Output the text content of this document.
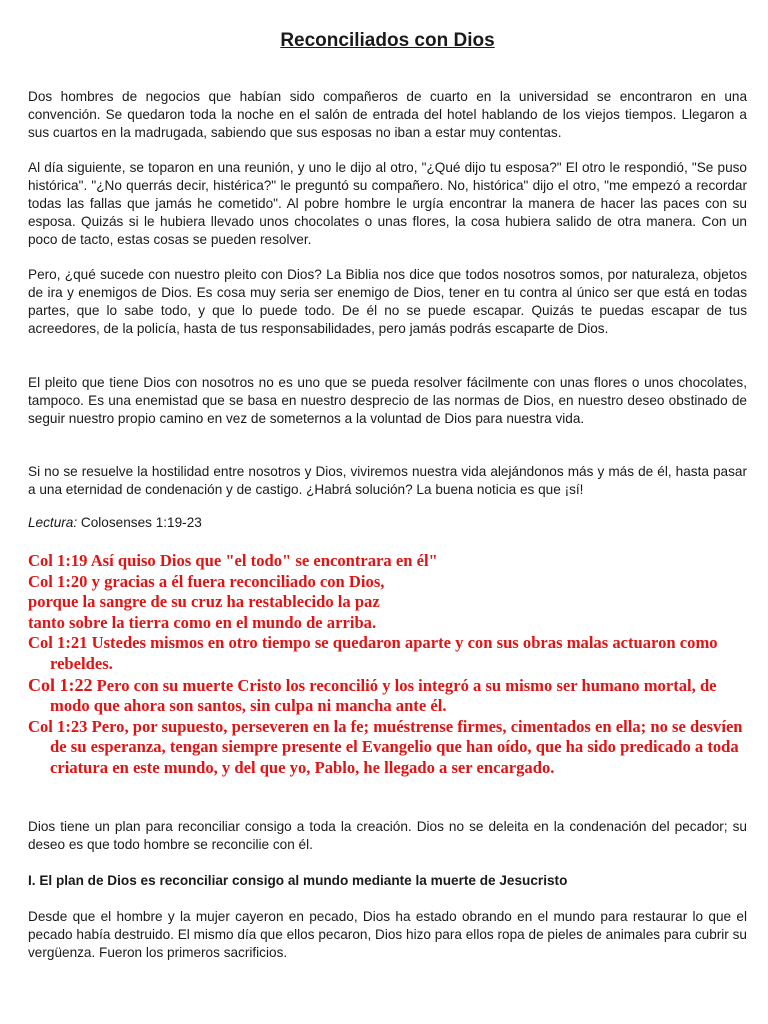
Reconciliados con Dios

Dos hombres de negocios que habían sido compañeros de cuarto en la universidad se encontraron en una convención. Se quedaron toda la noche en el salón de entrada del hotel hablando de los viejos tiempos. Llegaron a sus cuartos en la madrugada, sabiendo que sus esposas no iban a estar muy contentas.

Al día siguiente, se toparon en una reunión, y uno le dijo al otro, "¿Qué dijo tu esposa?" El otro le respondió, "Se puso histórica". "¿No querrás decir, histérica?" le preguntó su compañero. No, histórica" dijo el otro, "me empezó a recordar todas las fallas que jamás he cometido". Al pobre hombre le urgía encontrar la manera de hacer las paces con su esposa. Quizás si le hubiera llevado unos chocolates o unas flores, la cosa hubiera salido de otra manera. Con un poco de tacto, estas cosas se pueden resolver.

Pero, ¿qué sucede con nuestro pleito con Dios? La Biblia nos dice que todos nosotros somos, por naturaleza, objetos de ira y enemigos de Dios. Es cosa muy seria ser enemigo de Dios, tener en tu contra al único ser que está en todas partes, que lo sabe todo, y que lo puede todo. De él no se puede escapar. Quizás te puedas escapar de tus acreedores, de la policía, hasta de tus responsabilidades, pero jamás podrás escaparte de Dios.

El pleito que tiene Dios con nosotros no es uno que se pueda resolver fácilmente con unas flores o unos chocolates, tampoco. Es una enemistad que se basa en nuestro desprecio de las normas de Dios, en nuestro deseo obstinado de seguir nuestro propio camino en vez de someternos a la voluntad de Dios para nuestra vida.

Si no se resuelve la hostilidad entre nosotros y Dios, viviremos nuestra vida alejándonos más y más de él, hasta pasar a una eternidad de condenación y de castigo. ¿Habrá solución? La buena noticia es que ¡sí!

Lectura: Colosenses 1:19-23

Col 1:19 Así quiso Dios que "el todo" se encontrara en él"

Col 1:20 y gracias a él fuera reconciliado con Dios,

porque la sangre de su cruz ha restablecido la paz

tanto sobre la tierra como en el mundo de arriba.

Col 1:21 Ustedes mismos en otro tiempo se quedaron aparte y con sus obras malas actuaron como rebeldes.

Col 1:22 Pero con su muerte Cristo los reconcilió y los integró a su mismo ser humano mortal, de modo que ahora son santos, sin culpa ni mancha ante él.

Col 1:23 Pero, por supuesto, perseveren en la fe; muéstrense firmes, cimentados en ella; no se desvíen de su esperanza, tengan siempre presente el Evangelio que han oído, que ha sido predicado a toda criatura en este mundo, y del que yo, Pablo, he llegado a ser encargado.

Dios tiene un plan para reconciliar consigo a toda la creación. Dios no se deleita en la condenación del pecador; su deseo es que todo hombre se reconcilie con él.

I. El plan de Dios es reconciliar consigo al mundo mediante la muerte de Jesucristo

Desde que el hombre y la mujer cayeron en pecado, Dios ha estado obrando en el mundo para restaurar lo que el pecado había destruido. El mismo día que ellos pecaron, Dios hizo para ellos ropa de pieles de animales para cubrir su vergüenza. Fueron los primeros sacrificios.
